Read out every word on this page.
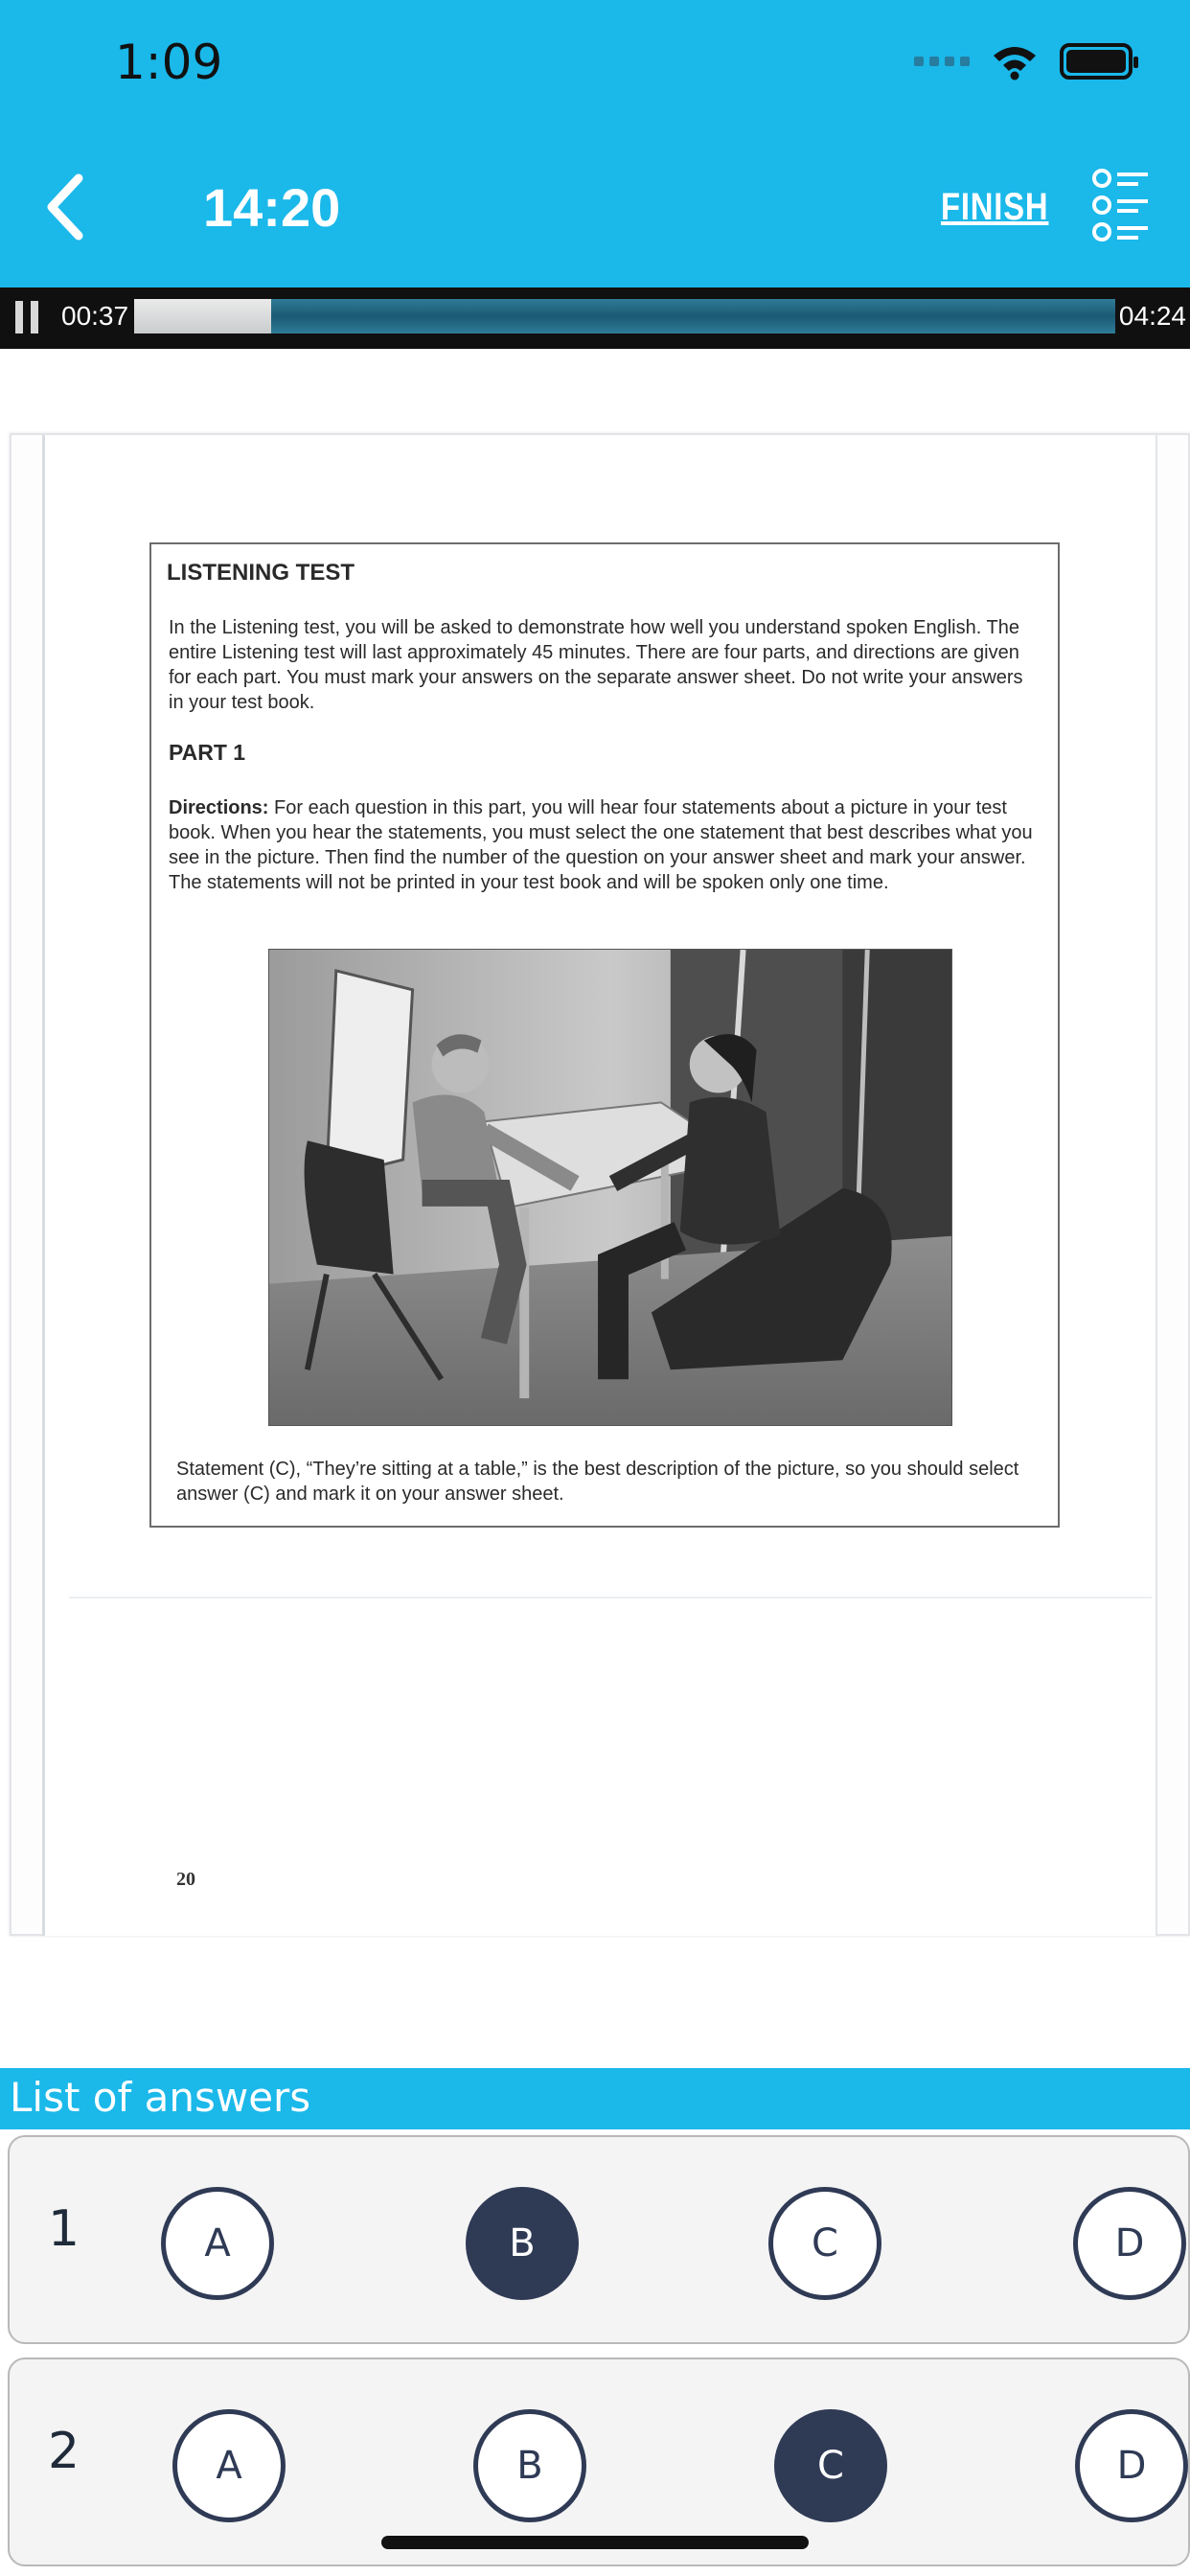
1:09
14:20	FINISH
00:37	04:24
LISTENING TEST
In the Listening test, you will be asked to demonstrate how well you understand spoken English. The entire Listening test will last approximately 45 minutes. There are four parts, and directions are given for each part. You must mark your answers on the separate answer sheet. Do not write your answers in your test book.
PART 1
Directions: For each question in this part, you will hear four statements about a picture in your test book. When you hear the statements, you must select the one statement that best describes what you see in the picture. Then find the number of the question on your answer sheet and mark your answer. The statements will not be printed in your test book and will be spoken only one time.
Statement (C), “They’re sitting at a table,” is the best description of the picture, so you should select answer (C) and mark it on your answer sheet.
20
List of answers
1	A	B	C	D
2	A	B	C	D
